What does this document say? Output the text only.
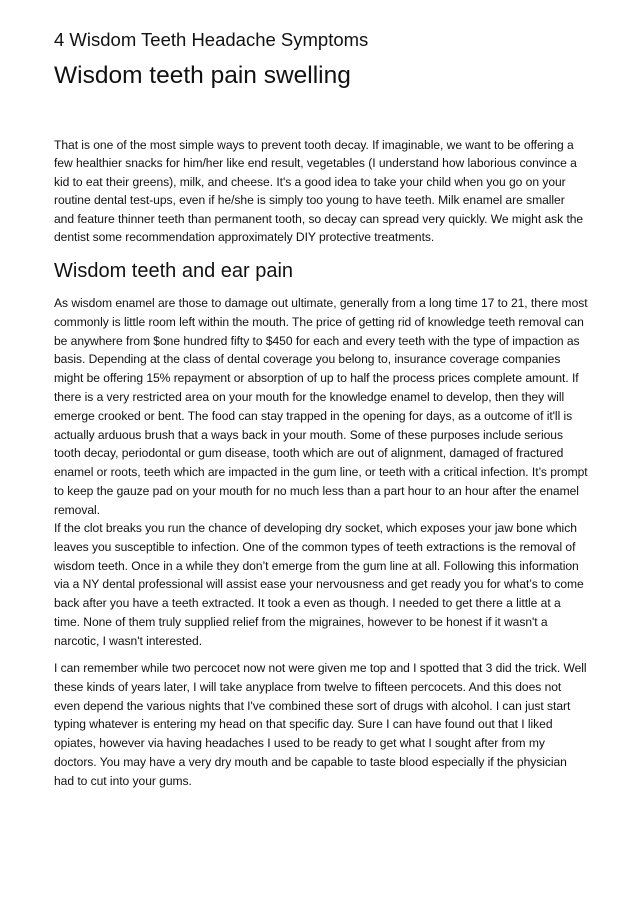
4 Wisdom Teeth Headache Symptoms
Wisdom teeth pain swelling

That is one of the most simple ways to prevent tooth decay. If imaginable, we want to be offering a few healthier snacks for him/her like end result, vegetables (I understand how laborious convince a kid to eat their greens), milk, and cheese. It's a good idea to take your child when you go on your routine dental test-ups, even if he/she is simply too young to have teeth. Milk enamel are smaller and feature thinner teeth than permanent tooth, so decay can spread very quickly. We might ask the dentist some recommendation approximately DIY protective treatments.

Wisdom teeth and ear pain

As wisdom enamel are those to damage out ultimate, generally from a long time 17 to 21, there most commonly is little room left within the mouth. The price of getting rid of knowledge teeth removal can be anywhere from $one hundred fifty to $450 for each and every teeth with the type of impaction as basis. Depending at the class of dental coverage you belong to, insurance coverage companies might be offering 15% repayment or absorption of up to half the process prices complete amount. If there is a very restricted area on your mouth for the knowledge enamel to develop, then they will emerge crooked or bent. The food can stay trapped in the opening for days, as a outcome of it'll is actually arduous brush that a ways back in your mouth. Some of these purposes include serious tooth decay, periodontal or gum disease, tooth which are out of alignment, damaged of fractured enamel or roots, teeth which are impacted in the gum line, or teeth with a critical infection. It’s prompt to keep the gauze pad on your mouth for no much less than a part hour to an hour after the enamel removal.

If the clot breaks you run the chance of developing dry socket, which exposes your jaw bone which leaves you susceptible to infection. One of the common types of teeth extractions is the removal of wisdom teeth. Once in a while they don’t emerge from the gum line at all. Following this information via a NY dental professional will assist ease your nervousness and get ready you for what’s to come back after you have a teeth extracted. It took a even as though. I needed to get there a little at a time. None of them truly supplied relief from the migraines, however to be honest if it wasn't a narcotic, I wasn't interested.

I can remember while two percocet now not were given me top and I spotted that 3 did the trick. Well these kinds of years later, I will take anyplace from twelve to fifteen percocets. And this does not even depend the various nights that I've combined these sort of drugs with alcohol. I can just start typing whatever is entering my head on that specific day. Sure I can have found out that I liked opiates, however via having headaches I used to be ready to get what I sought after from my doctors. You may have a very dry mouth and be capable to taste blood especially if the physician had to cut into your gums.
